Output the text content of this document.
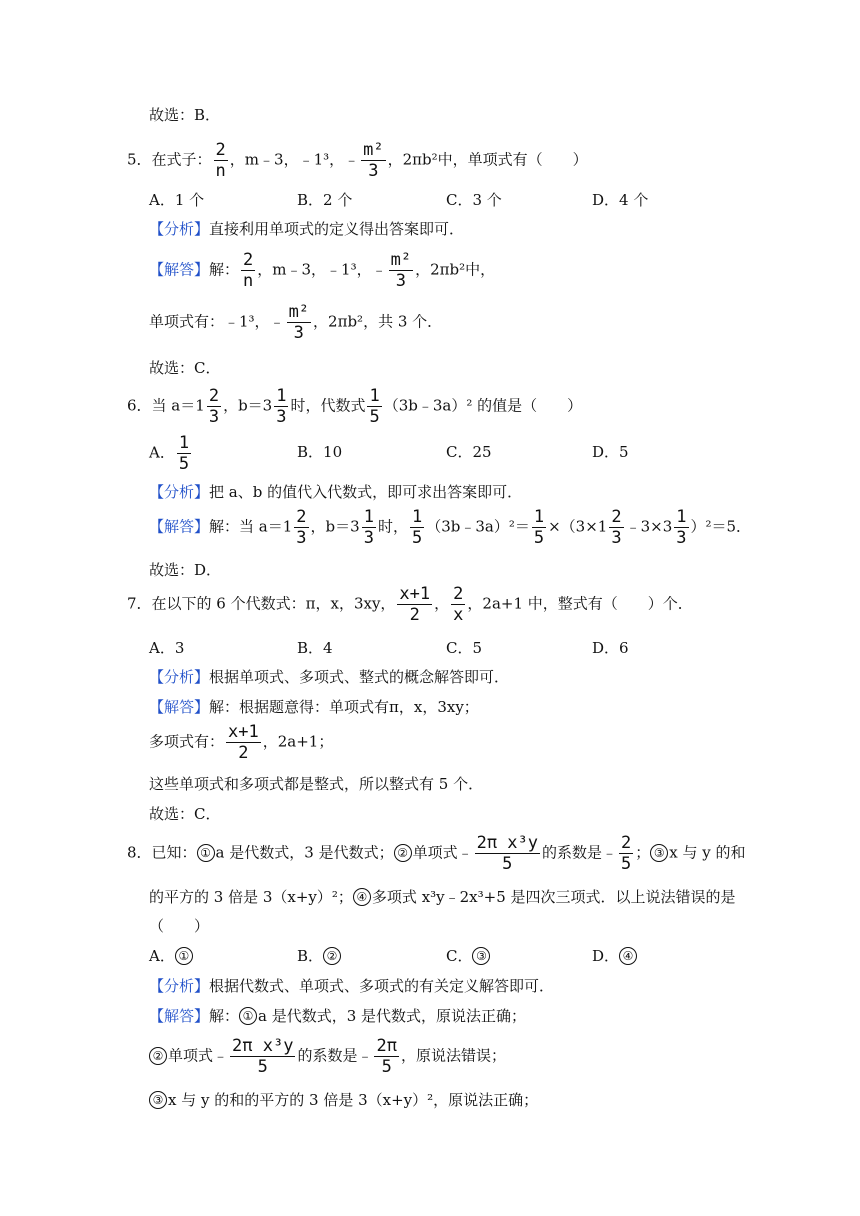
故选：B．
5．在式子： $\frac{2}{n}$ ，m﹣3，﹣1³，﹣ $\frac{\text{m²}}{3}$ ，2πb²中，单项式有（　　）
A．1 个	B．2 个	C．3 个	D．4 个
【分析】直接利用单项式的定义得出答案即可．
【解答】解： $\frac{2}{n}$ ，m﹣3，﹣1³，﹣ $\frac{\text{m²}}{3}$ ，2πb²中，
单项式有：﹣1³，﹣ $\frac{\text{m²}}{3}$ ，2πb²，共 3 个．
故选：C．
6．当 $a=1 \frac{2}{3}$ ，$b=3 \frac{1}{3}$ 时，代数式 $\frac{1}{5}$ （3b﹣3a）² 的值是（　　）
A． $\frac{1}{5}$	B．10	C．25	D．5
【分析】把 a、b 的值代入代数式，即可求出答案即可．
【解答】解：当 $a=1 \frac{2}{3}$ ，$b=3 \frac{1}{3}$ 时， $\frac{1}{5}$ （3b﹣3a）²＝ $\frac{1}{5} \times(3\times 1 \frac{2}{3}$ ﹣3×3 $\frac{1}{3} )^2=5$．
故选：D．
7．在以下的 6 个代数式：π，x，3xy， $\frac{x+1}{2}$ ， $\frac{2}{x}$ ，2a+1 中，整式有（　　）个．
A．3	B．4	C．5	D．6
【分析】根据单项式、多项式、整式的概念解答即可．
【解答】解：根据题意得：单项式有π，x，3xy；
多项式有： $\frac{x+1}{2}$ ，2a+1；
这些单项式和多项式都是整式，所以整式有 5 个．
故选：C．
8．已知： ① a 是代数式，3 是代数式； ② 单项式﹣ $\frac{\text{2π x³y}}{5}$ 的系数是﹣ $\frac{2}{5}$ ； ③ x 与 y 的和
的平方的 3 倍是 3（x+y）²； ④ 多项式 x³y﹣2x³+5 是四次三项式．以上说法错误的是
（　　）
A． ①	B． ②	C． ③	D． ④
【分析】根据代数式、单项式、多项式的有关定义解答即可．
【解答】解： ① a 是代数式，3 是代数式，原说法正确；
② 单项式﹣ $\frac{\text{2π x³y}}{5}$ 的系数是﹣ $\frac{2\pi}{5}$ ，原说法错误；
③ x 与 y 的和的平方的 3 倍是 3（x+y）²，原说法正确；
